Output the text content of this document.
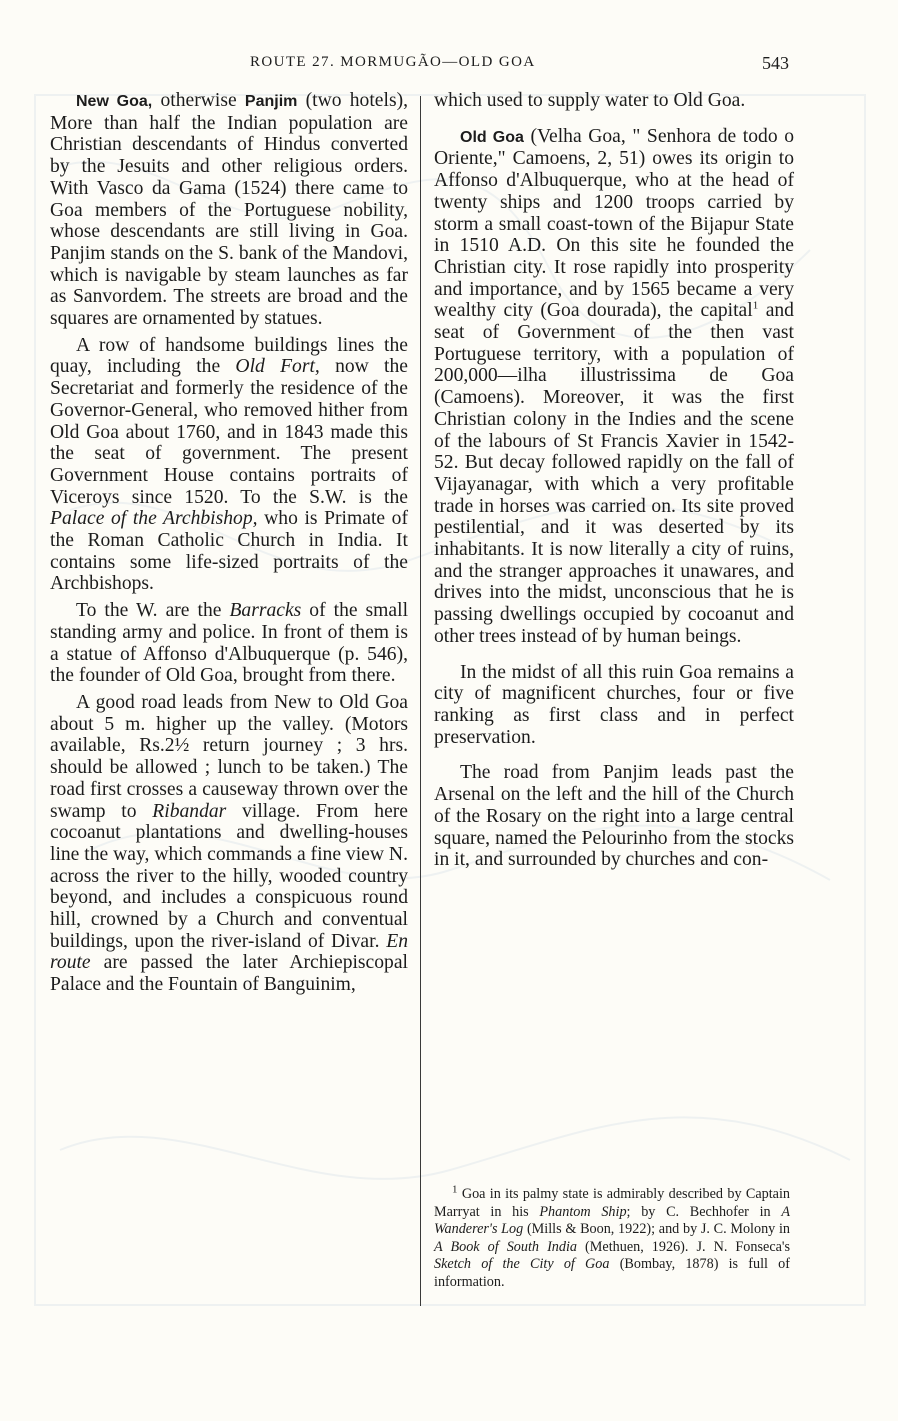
ROUTE 27. MORMUGÃO—OLD GOA	543

New Goa, otherwise Panjim (two hotels), More than half the Indian population are Christian descendants of Hindus converted by the Jesuits and other religious orders. With Vasco da Gama (1524) there came to Goa members of the Portuguese nobility, whose descendants are still living in Goa. Panjim stands on the S. bank of the Mandovi, which is navigable by steam launches as far as Sanvordem. The streets are broad and the squares are ornamented by statues.

A row of handsome buildings lines the quay, including the Old Fort, now the Secretariat and formerly the residence of the Governor-General, who removed hither from Old Goa about 1760, and in 1843 made this the seat of government. The present Government House contains portraits of Viceroys since 1520. To the S.W. is the Palace of the Archbishop, who is Primate of the Roman Catholic Church in India. It contains some life-sized portraits of the Archbishops.

To the W. are the Barracks of the small standing army and police. In front of them is a statue of Affonso d'Albuquerque (p. 546), the founder of Old Goa, brought from there.

A good road leads from New to Old Goa about 5 m. higher up the valley. (Motors available, Rs.2½ return journey ; 3 hrs. should be allowed ; lunch to be taken.) The road first crosses a causeway thrown over the swamp to Ribandar village. From here cocoanut plantations and dwelling-houses line the way, which commands a fine view N. across the river to the hilly, wooded country beyond, and includes a conspicuous round hill, crowned by a Church and conventual buildings, upon the river-island of Divar. En route are passed the later Archiepiscopal Palace and the Fountain of Banguinim,

which used to supply water to Old Goa.

Old Goa (Velha Goa, " Senhora de todo o Oriente," Camoens, 2, 51) owes its origin to Affonso d'Albuquerque, who at the head of twenty ships and 1200 troops carried by storm a small coast-town of the Bijapur State in 1510 A.D. On this site he founded the Christian city. It rose rapidly into prosperity and importance, and by 1565 became a very wealthy city (Goa dourada), the capital$^1$ and seat of Government of the then vast Portuguese territory, with a population of 200,000—ilha illustrissima de Goa (Camoens). Moreover, it was the first Christian colony in the Indies and the scene of the labours of St Francis Xavier in 1542-52. But decay followed rapidly on the fall of Vijayanagar, with which a very profitable trade in horses was carried on. Its site proved pestilential, and it was deserted by its inhabitants. It is now literally a city of ruins, and the stranger approaches it unawares, and drives into the midst, unconscious that he is passing dwellings occupied by cocoanut and other trees instead of by human beings.

In the midst of all this ruin Goa remains a city of magnificent churches, four or five ranking as first class and in perfect preservation.

The road from Panjim leads past the Arsenal on the left and the hill of the Church of the Rosary on the right into a large central square, named the Pelourinho from the stocks in it, and surrounded by churches and con-

$^1$ Goa in its palmy state is admirably described by Captain Marryat in his Phantom Ship; by C. Bechhofer in A Wanderer's Log (Mills & Boon, 1922); and by J. C. Molony in A Book of South India (Methuen, 1926). J. N. Fonseca's Sketch of the City of Goa (Bombay, 1878) is full of information.
